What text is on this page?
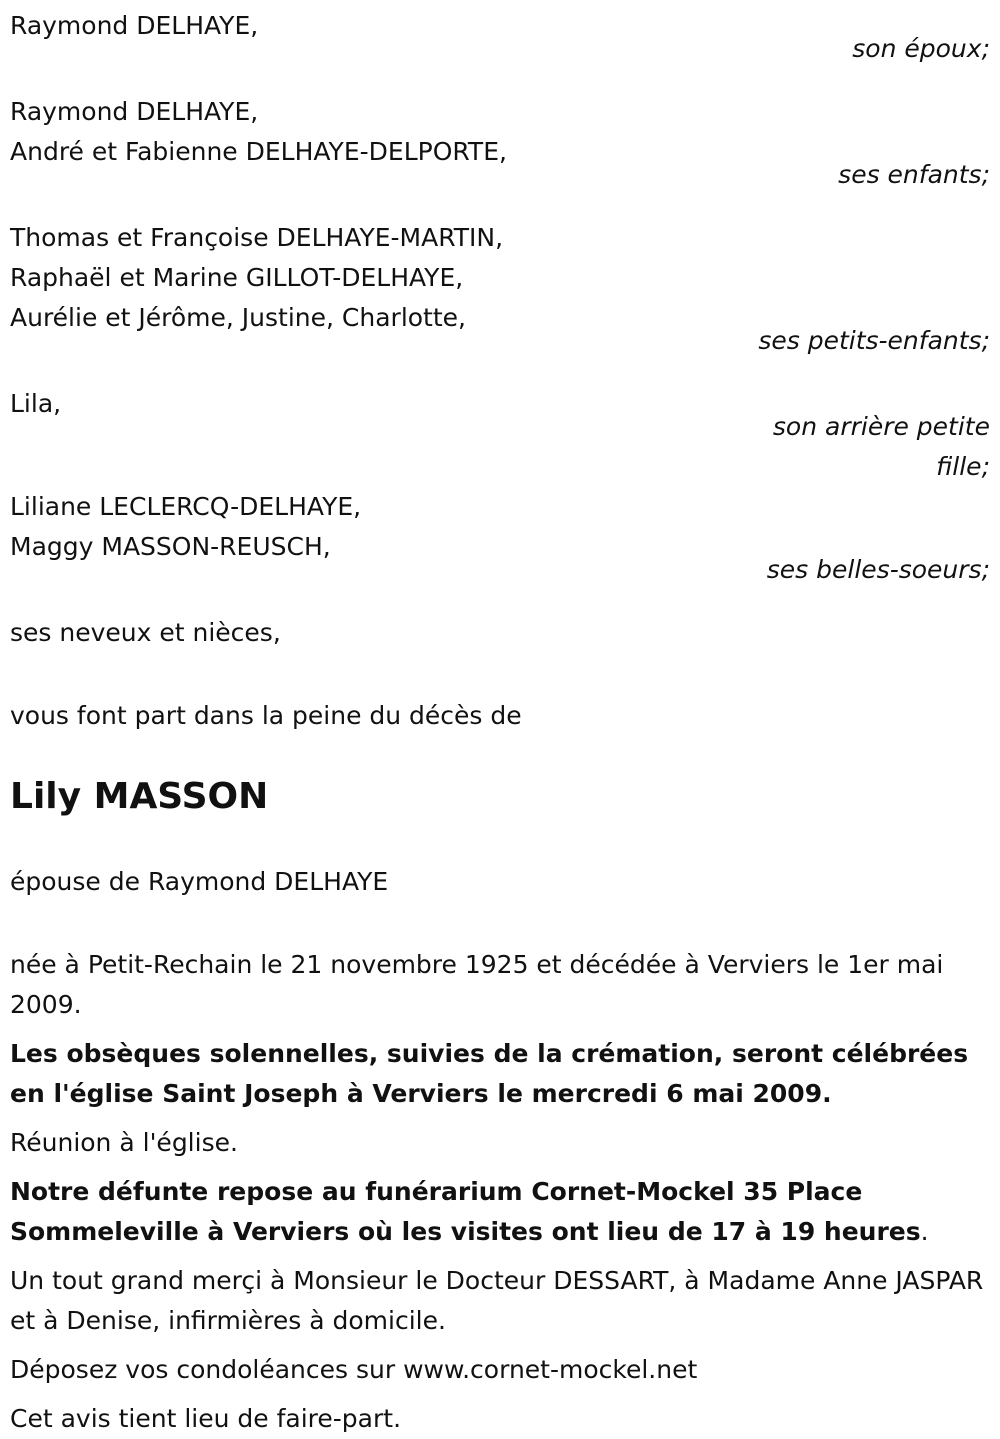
Raymond DELHAYE,
son époux;
Raymond DELHAYE,
André et Fabienne DELHAYE-DELPORTE,
ses enfants;
Thomas et Françoise DELHAYE-MARTIN,
Raphaël et Marine GILLOT-DELHAYE,
Aurélie et Jérôme, Justine, Charlotte,
ses petits-enfants;
Lila,
son arrière petite fille;
Liliane LECLERCQ-DELHAYE,
Maggy MASSON-REUSCH,
ses belles-soeurs;
ses neveux et nièces,
vous font part dans la peine du décès de
Lily MASSON
épouse de Raymond DELHAYE
née à Petit-Rechain le 21 novembre 1925 et décédée à Verviers le 1er mai 2009.
Les obsèques solennelles, suivies de la crémation, seront célébrées en l'église Saint Joseph à Verviers le mercredi 6 mai 2009.
Réunion à l'église.
Notre défunte repose au funérarium Cornet-Mockel 35 Place Sommeleville à Verviers où les visites ont lieu de 17 à 19 heures.
Un tout grand merçi à Monsieur le Docteur DESSART, à Madame Anne JASPAR et à Denise, infirmières à domicile.
Déposez vos condoléances sur www.cornet-mockel.net
Cet avis tient lieu de faire-part.
